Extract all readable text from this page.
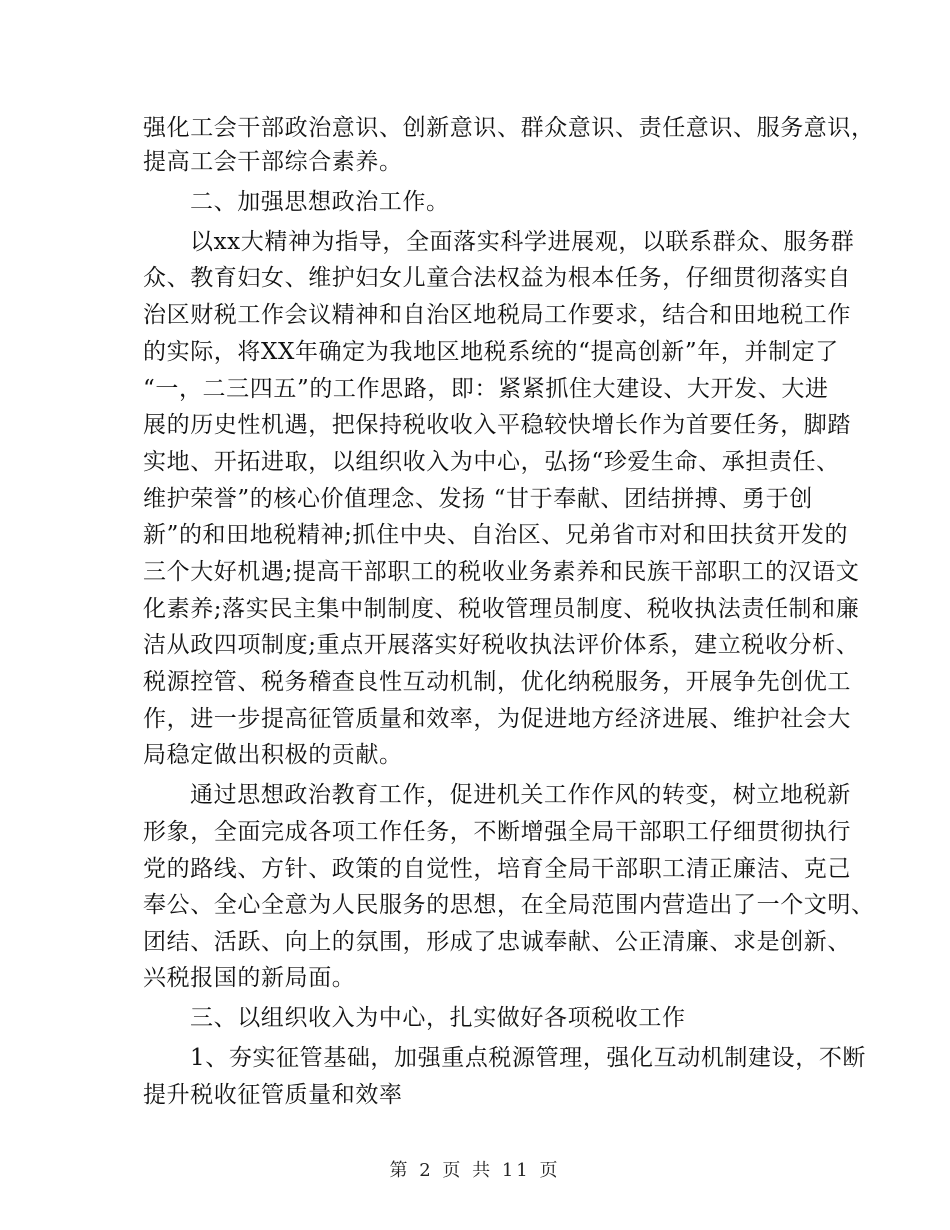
强化工会干部政治意识、创新意识、群众意识、责任意识、服务意识，
提高工会干部综合素养。
二、加强思想政治工作。
以xx大精神为指导，全面落实科学进展观，以联系群众、服务群
众、教育妇女、维护妇女儿童合法权益为根本任务，仔细贯彻落实自
治区财税工作会议精神和自治区地税局工作要求，结合和田地税工作
的实际，将XX年确定为我地区地税系统的“提高创新”年，并制定了
“一，二三四五”的工作思路，即：紧紧抓住大建设、大开发、大进
展的历史性机遇，把保持税收收入平稳较快增长作为首要任务，脚踏
实地、开拓进取，以组织收入为中心，弘扬“珍爱生命、承担责任、
维护荣誉”的核心价值理念、发扬 “甘于奉献、团结拼搏、勇于创
新”的和田地税精神;抓住中央、自治区、兄弟省市对和田扶贫开发的
三个大好机遇;提高干部职工的税收业务素养和民族干部职工的汉语文
化素养;落实民主集中制制度、税收管理员制度、税收执法责任制和廉
洁从政四项制度;重点开展落实好税收执法评价体系，建立税收分析、
税源控管、税务稽查良性互动机制，优化纳税服务，开展争先创优工
作，进一步提高征管质量和效率，为促进地方经济进展、维护社会大
局稳定做出积极的贡献。
通过思想政治教育工作，促进机关工作作风的转变，树立地税新
形象，全面完成各项工作任务，不断增强全局干部职工仔细贯彻执行
党的路线、方针、政策的自觉性，培育全局干部职工清正廉洁、克己
奉公、全心全意为人民服务的思想，在全局范围内营造出了一个文明、
团结、活跃、向上的氛围，形成了忠诚奉献、公正清廉、求是创新、
兴税报国的新局面。
三、以组织收入为中心，扎实做好各项税收工作
1、夯实征管基础，加强重点税源管理，强化互动机制建设，不断
提升税收征管质量和效率
第 2 页 共 11 页
